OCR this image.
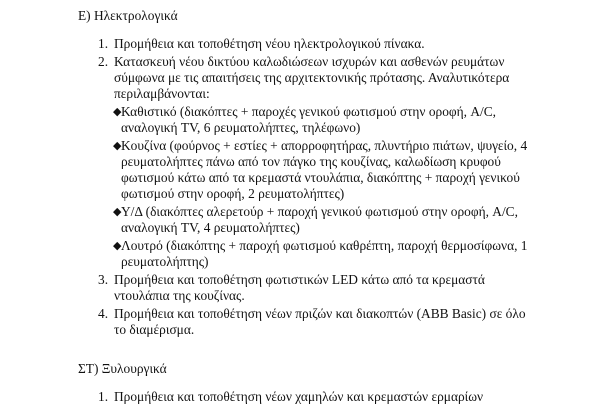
Ε) Ηλεκτρολογικά
1. Προμήθεια και τοποθέτηση νέου ηλεκτρολογικού πίνακα.
2. Κατασκευή νέου δικτύου καλωδιώσεων ισχυρών και ασθενών ρευμάτων σύμφωνα με τις απαιτήσεις της αρχιτεκτονικής πρότασης. Αναλυτικότερα περιλαμβάνονται:
◆ Καθιστικό (διακόπτες + παροχές γενικού φωτισμού στην οροφή, A/C, αναλογική TV, 6 ρευματολήπτες, τηλέφωνο)
◆ Κουζίνα (φούρνος + εστίες + απορροφητήρας, πλυντήριο πιάτων, ψυγείο, 4 ρευματολήπτες πάνω από τον πάγκο της κουζίνας, καλωδίωση κρυφού φωτισμού κάτω από τα κρεμαστά ντουλάπια, διακόπτης + παροχή γενικού φωτισμού στην οροφή, 2 ρευματολήπτες)
◆ Υ/Δ (διακόπτες αλερετούρ + παροχή γενικού φωτισμού στην οροφή, A/C, αναλογική TV, 4 ρευματολήπτες)
◆ Λουτρό (διακόπτης + παροχή φωτισμού καθρέπτη, παροχή θερμοσίφωνα, 1 ρευματολήπτης)
3. Προμήθεια και τοποθέτηση φωτιστικών LED κάτω από τα κρεμαστά ντουλάπια της κουζίνας.
4. Προμήθεια και τοποθέτηση νέων πριζών και διακοπτών (ABB Basic) σε όλο το διαμέρισμα.
ΣΤ) Ξυλουργικά
1. Προμήθεια και τοποθέτηση νέων χαμηλών και κρεμαστών ερμαρίων
